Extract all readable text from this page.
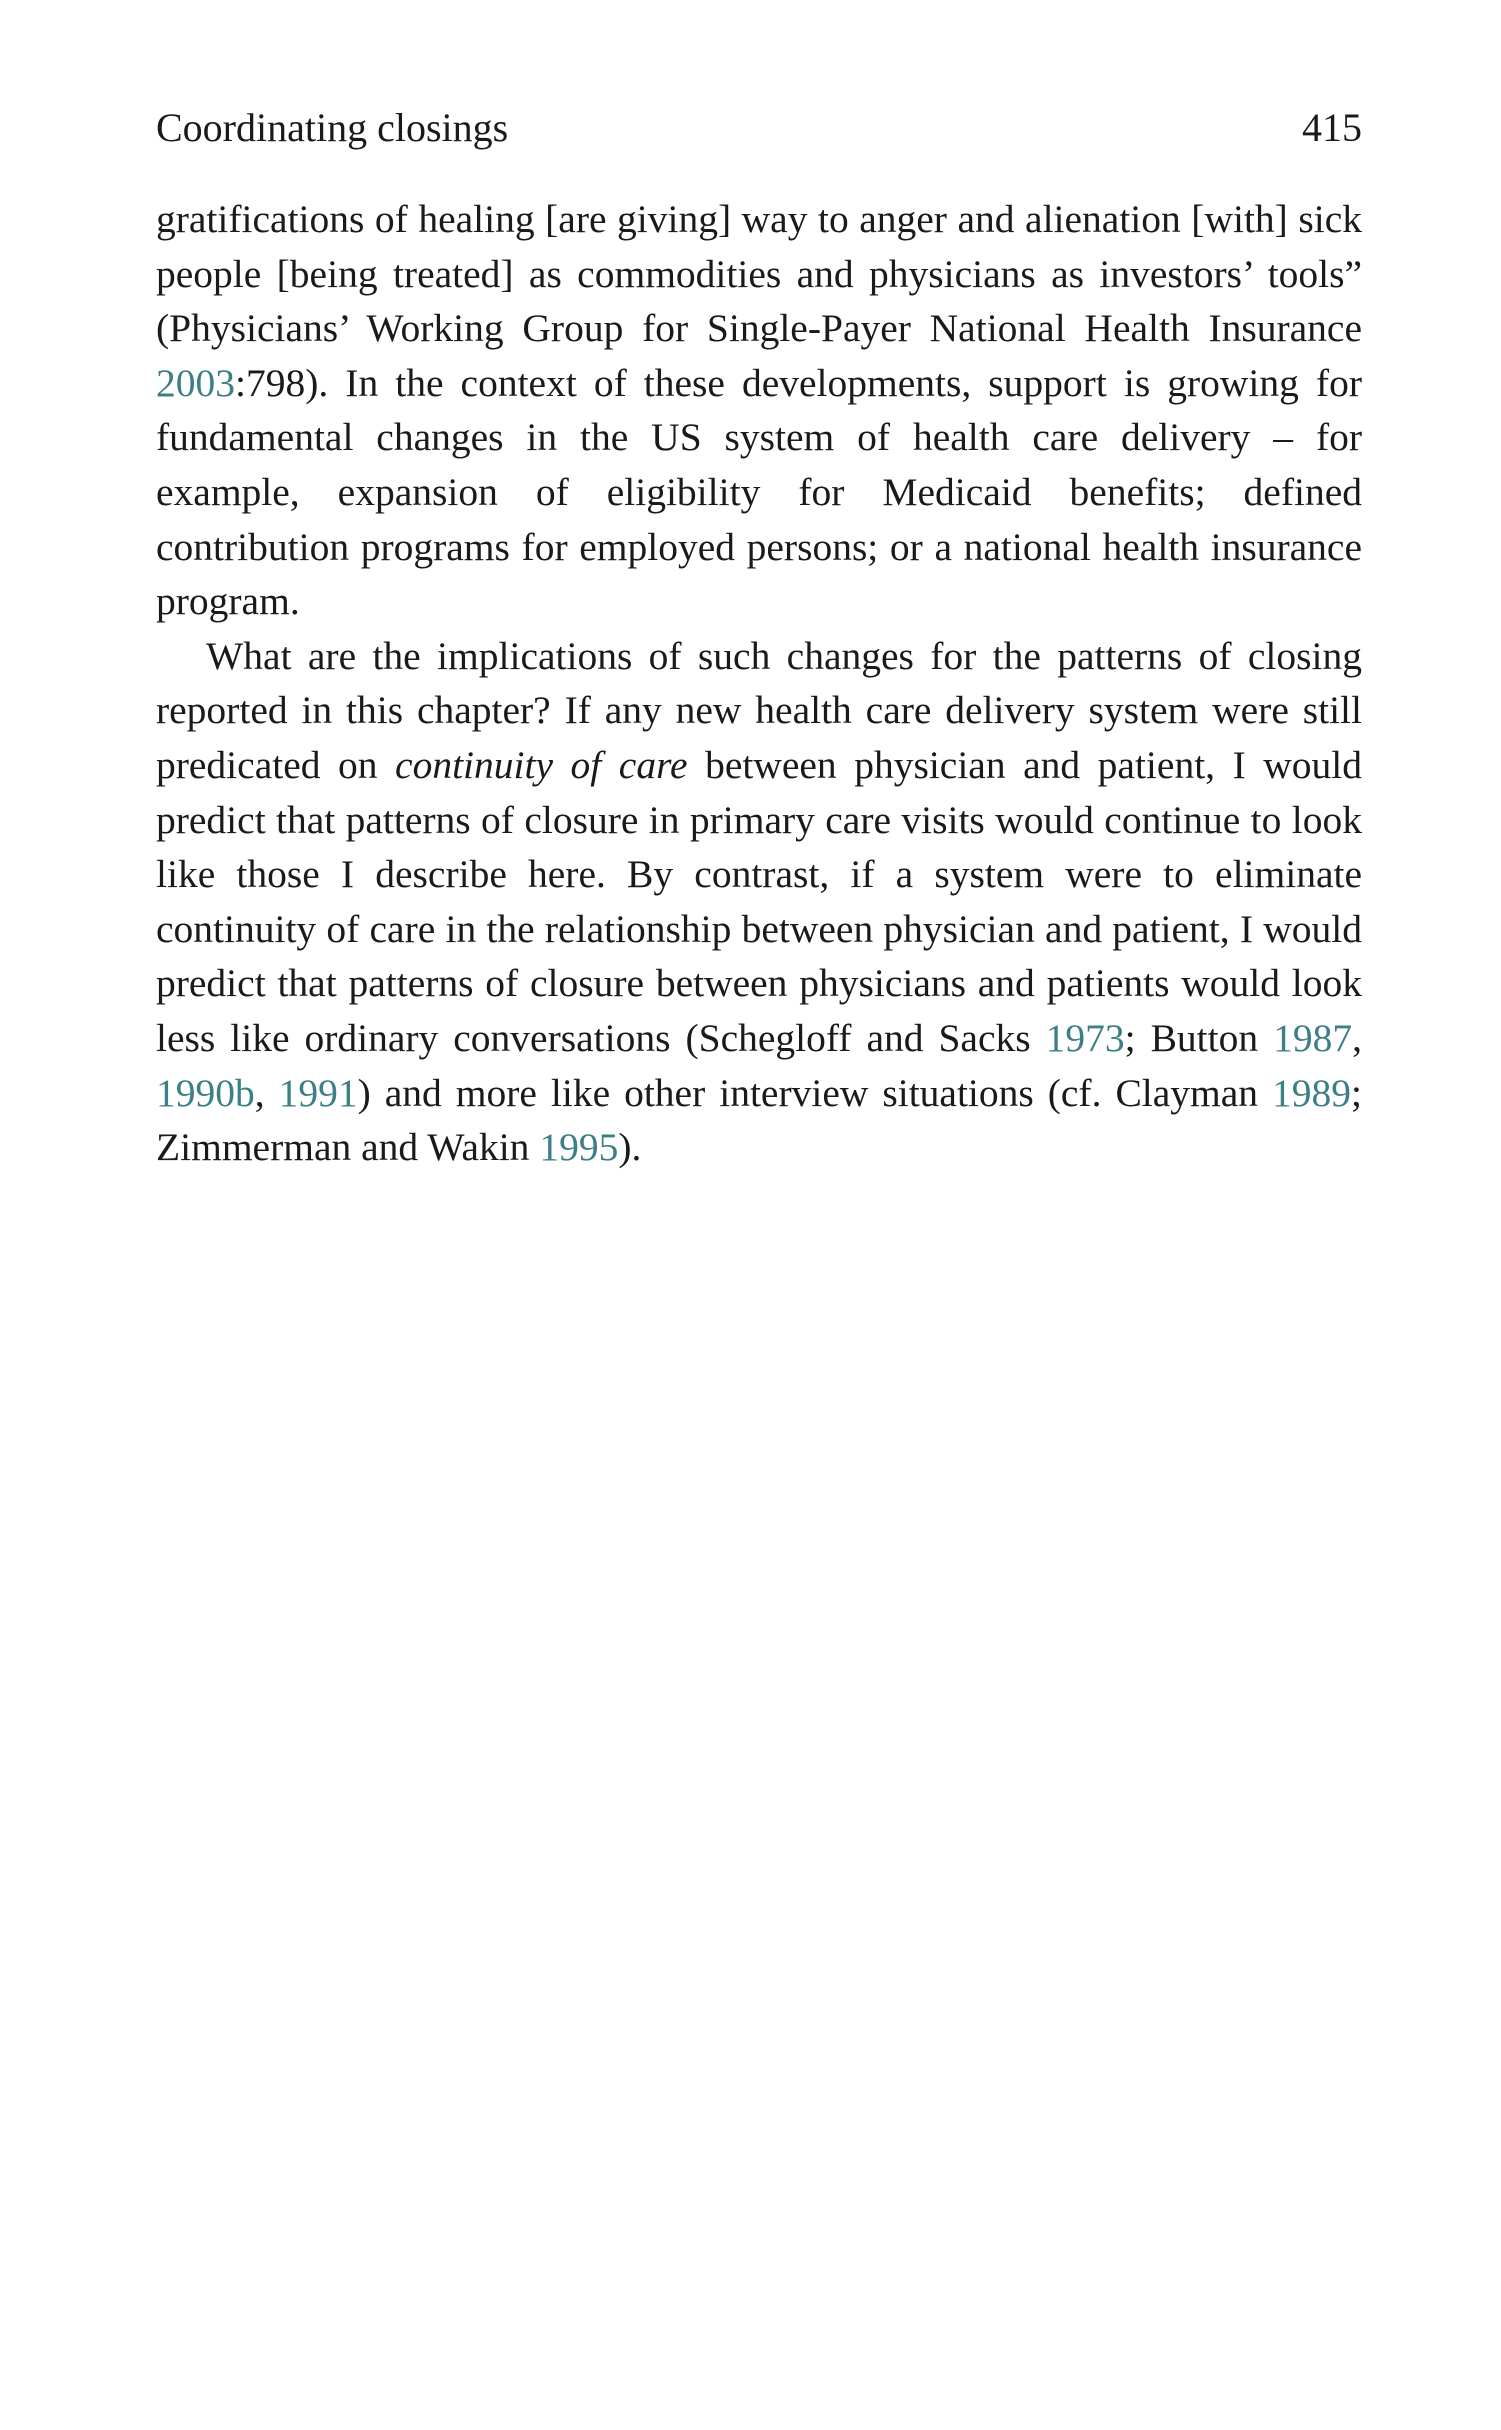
Coordinating closings	415

gratifications of healing [are giving] way to anger and alienation [with] sick people [being treated] as commodities and physicians as investors’ tools” (Physicians’ Working Group for Single-Payer National Health Insurance 2003:798). In the context of these developments, support is growing for fundamental changes in the US system of health care delivery – for example, expansion of eligibility for Medicaid benefits; defined contribution programs for employed persons; or a national health insurance program.

What are the implications of such changes for the patterns of closing reported in this chapter? If any new health care delivery system were still predicated on continuity of care between physician and patient, I would predict that patterns of closure in primary care visits would continue to look like those I describe here. By contrast, if a system were to eliminate continuity of care in the relationship between physician and patient, I would predict that patterns of closure between physicians and patients would look less like ordinary conversations (Schegloff and Sacks 1973; Button 1987, 1990b, 1991) and more like other interview situations (cf. Clayman 1989; Zimmerman and Wakin 1995).
